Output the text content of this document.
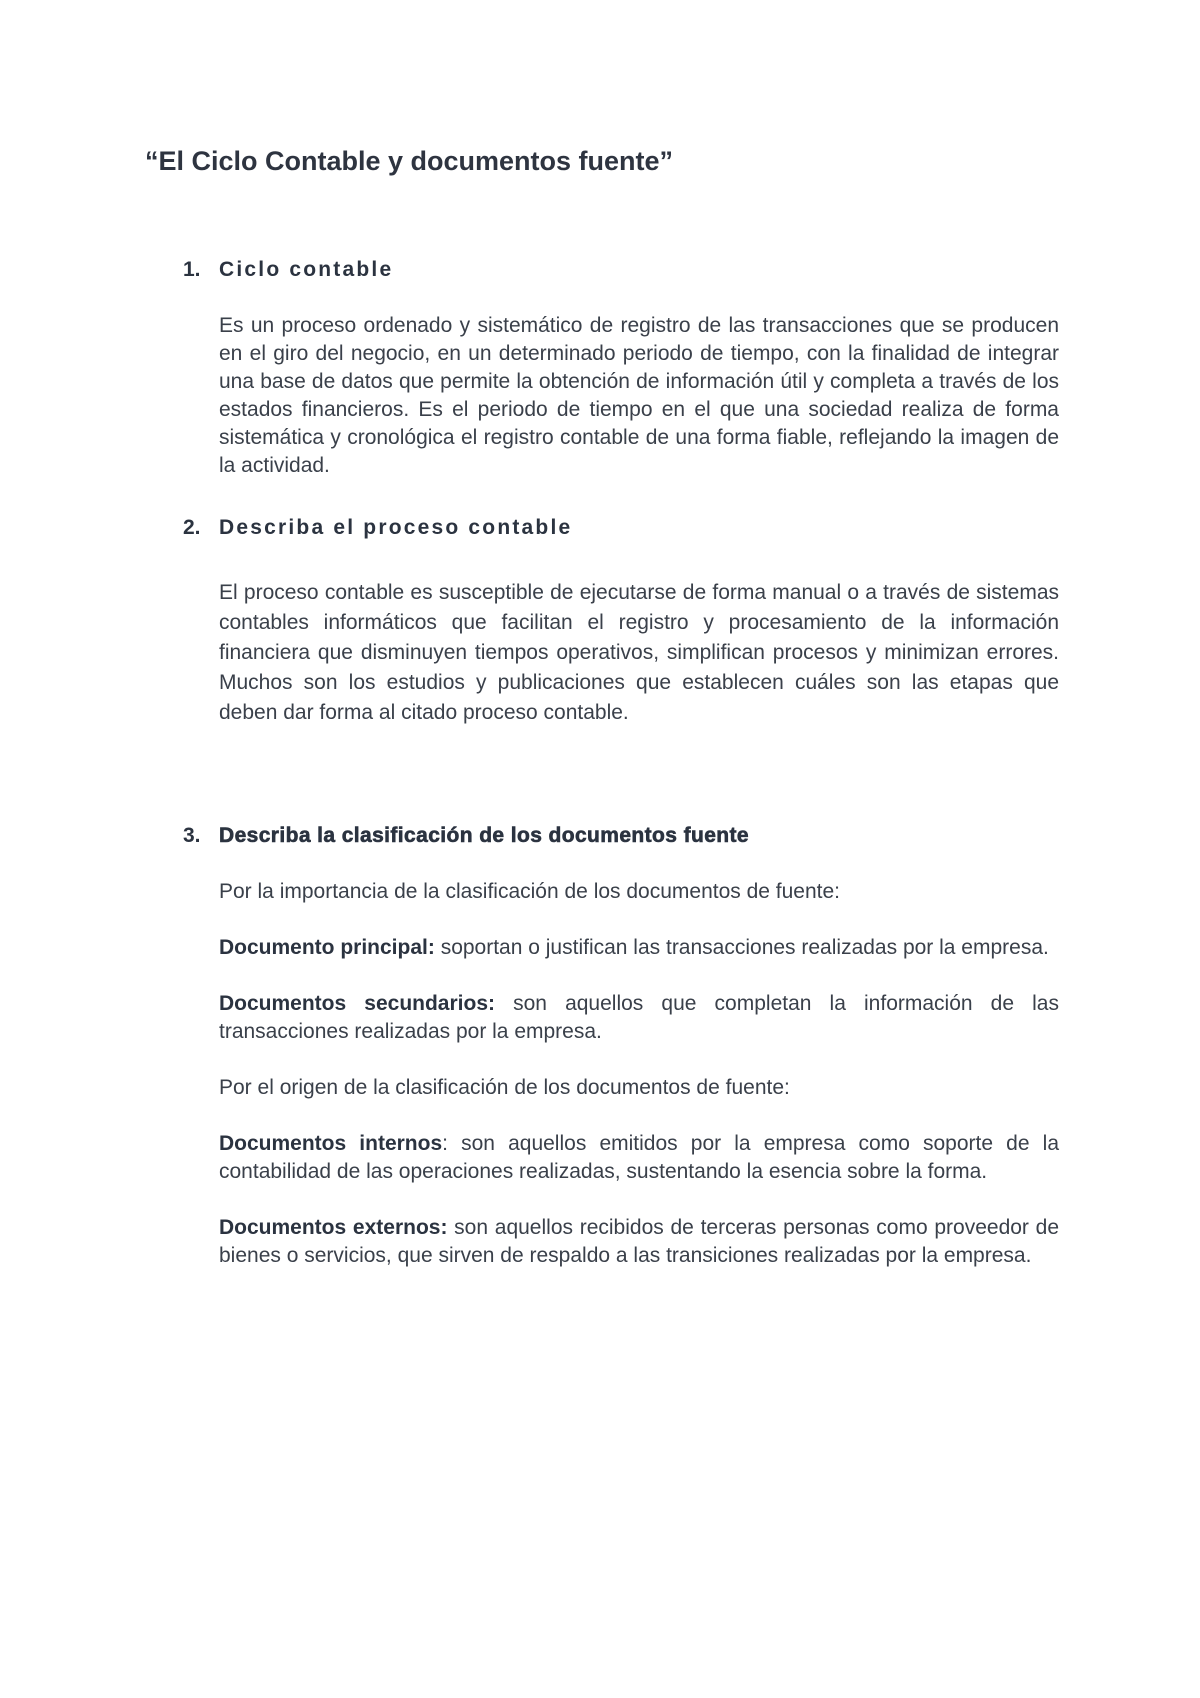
“El Ciclo Contable y documentos fuente”
1. Ciclo contable

Es un proceso ordenado y sistemático de registro de las transacciones que se producen en el giro del negocio, en un determinado periodo de tiempo, con la finalidad de integrar una base de datos que permite la obtención de información útil y completa a través de los estados financieros. Es el periodo de tiempo en el que una sociedad realiza de forma sistemática y cronológica el registro contable de una forma fiable, reflejando la imagen de la actividad.

2. Describa el proceso contable

El proceso contable es susceptible de ejecutarse de forma manual o a través de sistemas contables informáticos que facilitan el registro y procesamiento de la información financiera que disminuyen tiempos operativos, simplifican procesos y minimizan errores. Muchos son los estudios y publicaciones que establecen cuáles son las etapas que deben dar forma al citado proceso contable.

3. Describa la clasificación de los documentos fuente

Por la importancia de la clasificación de los documentos de fuente:

Documento principal: soportan o justifican las transacciones realizadas por la empresa.

Documentos secundarios: son aquellos que completan la información de las transacciones realizadas por la empresa.

Por el origen de la clasificación de los documentos de fuente:

Documentos internos: son aquellos emitidos por la empresa como soporte de la contabilidad de las operaciones realizadas, sustentando la esencia sobre la forma.

Documentos externos: son aquellos recibidos de terceras personas como proveedor de bienes o servicios, que sirven de respaldo a las transiciones realizadas por la empresa.
